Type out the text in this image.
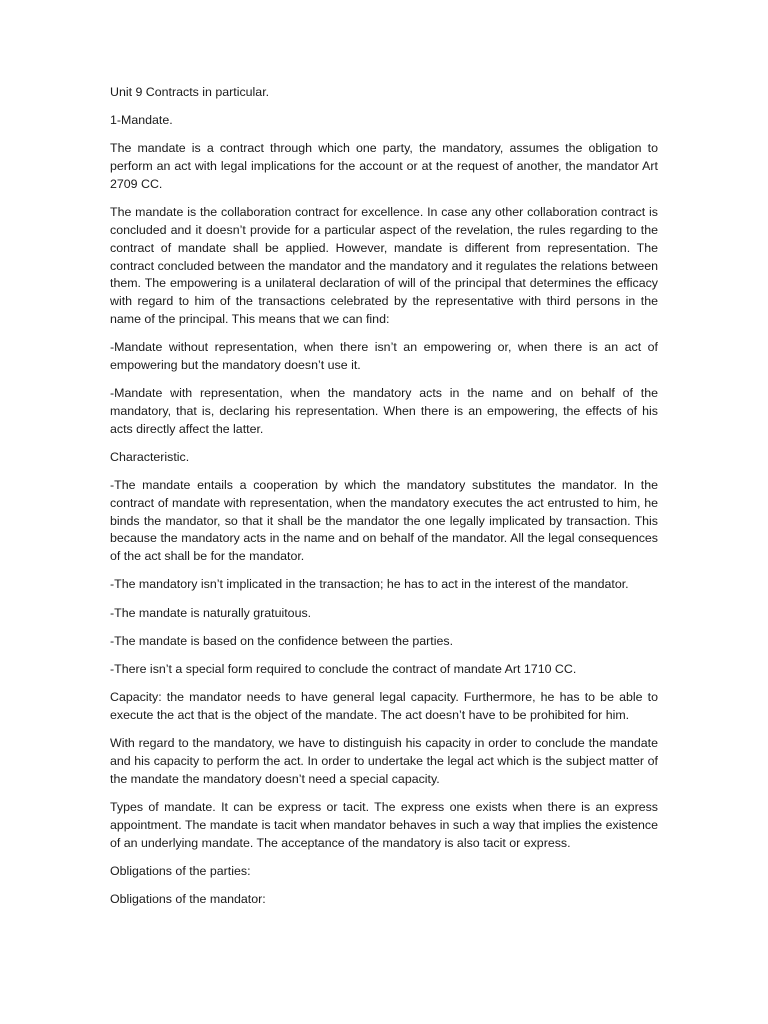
Unit 9 Contracts in particular.

1-Mandate.

The mandate is a contract through which one party, the mandatory, assumes the obligation to perform an act with legal implications for the account or at the request of another, the mandator Art 2709 CC.

The mandate is the collaboration contract for excellence. In case any other collaboration contract is concluded and it doesn’t provide for a particular aspect of the revelation, the rules regarding to the contract of mandate shall be applied. However, mandate is different from representation. The contract concluded between the mandator and the mandatory and it regulates the relations between them. The empowering is a unilateral declaration of will of the principal that determines the efficacy with regard to him of the transactions celebrated by the representative with third persons in the name of the principal. This means that we can find:

-Mandate without representation, when there isn’t an empowering or, when there is an act of empowering but the mandatory doesn’t use it.

-Mandate with representation, when the mandatory acts in the name and on behalf of the mandatory, that is, declaring his representation. When there is an empowering, the effects of his acts directly affect the latter.

Characteristic.

-The mandate entails a cooperation by which the mandatory substitutes the mandator. In the contract of mandate with representation, when the mandatory executes the act entrusted to him, he binds the mandator, so that it shall be the mandator the one legally implicated by transaction. This because the mandatory acts in the name and on behalf of the mandator. All the legal consequences of the act shall be for the mandator.

-The mandatory isn’t implicated in the transaction; he has to act in the interest of the mandator.

-The mandate is naturally gratuitous.

-The mandate is based on the confidence between the parties.

-There isn’t a special form required to conclude the contract of mandate Art 1710 CC.

Capacity: the mandator needs to have general legal capacity. Furthermore, he has to be able to execute the act that is the object of the mandate. The act doesn’t have to be prohibited for him.

With regard to the mandatory, we have to distinguish his capacity in order to conclude the mandate and his capacity to perform the act. In order to undertake the legal act which is the subject matter of the mandate the mandatory doesn’t need a special capacity.

Types of mandate. It can be express or tacit. The express one exists when there is an express appointment. The mandate is tacit when mandator behaves in such a way that implies the existence of an underlying mandate. The acceptance of the mandatory is also tacit or express.

Obligations of the parties:

Obligations of the mandator:
